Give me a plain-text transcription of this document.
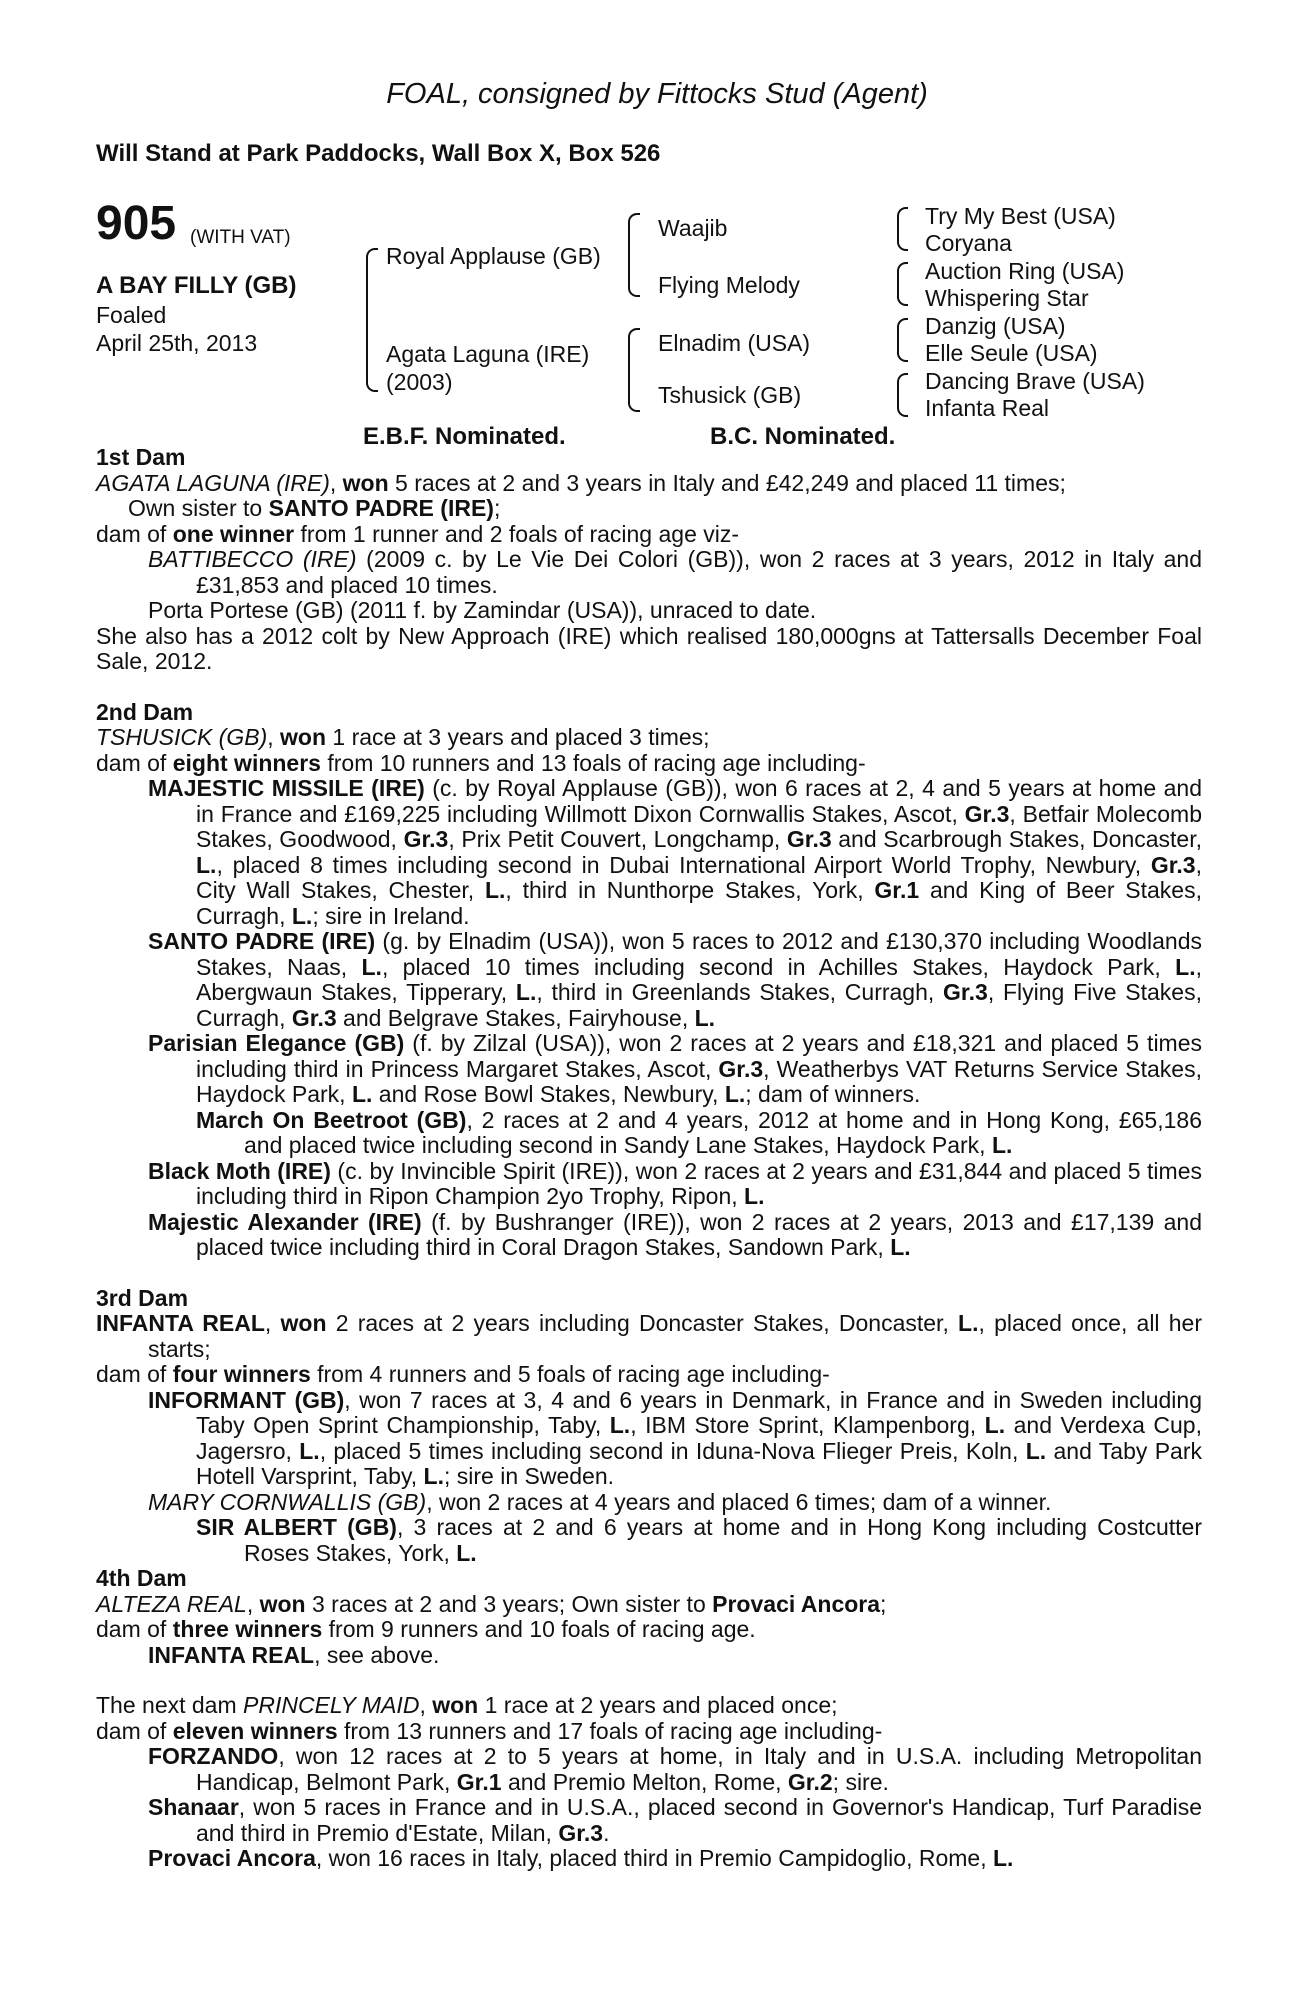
FOAL, consigned by Fittocks Stud (Agent)
Will Stand at Park Paddocks, Wall Box X, Box 526
905 (WITH VAT)
A BAY FILLY (GB)
Foaled
April 25th, 2013
Royal Applause (GB)
Agata Laguna (IRE)
(2003)
Waajib
Flying Melody
Elnadim (USA)
Tshusick (GB)
Try My Best (USA)
Coryana
Auction Ring (USA)
Whispering Star
Danzig (USA)
Elle Seule (USA)
Dancing Brave (USA)
Infanta Real
E.B.F. Nominated.	B.C. Nominated.

1st Dam

AGATA LAGUNA (IRE), won 5 races at 2 and 3 years in Italy and £42,249 and placed 11 times;

Own sister to SANTO PADRE (IRE);

dam of one winner from 1 runner and 2 foals of racing age viz-

BATTIBECCO (IRE) (2009 c. by Le Vie Dei Colori (GB)), won 2 races at 3 years, 2012 in Italy and £31,853 and placed 10 times.

Porta Portese (GB) (2011 f. by Zamindar (USA)), unraced to date.

She also has a 2012 colt by New Approach (IRE) which realised 180,000gns at Tattersalls December Foal Sale, 2012.

2nd Dam

TSHUSICK (GB), won 1 race at 3 years and placed 3 times;

dam of eight winners from 10 runners and 13 foals of racing age including-

MAJESTIC MISSILE (IRE) (c. by Royal Applause (GB)), won 6 races at 2, 4 and 5 years at home and in France and £169,225 including Willmott Dixon Cornwallis Stakes, Ascot, Gr.3, Betfair Molecomb Stakes, Goodwood, Gr.3, Prix Petit Couvert, Longchamp, Gr.3 and Scarbrough Stakes, Doncaster, L., placed 8 times including second in Dubai International Airport World Trophy, Newbury, Gr.3, City Wall Stakes, Chester, L., third in Nunthorpe Stakes, York, Gr.1 and King of Beer Stakes, Curragh, L.; sire in Ireland.

SANTO PADRE (IRE) (g. by Elnadim (USA)), won 5 races to 2012 and £130,370 including Woodlands Stakes, Naas, L., placed 10 times including second in Achilles Stakes, Haydock Park, L., Abergwaun Stakes, Tipperary, L., third in Greenlands Stakes, Curragh, Gr.3, Flying Five Stakes, Curragh, Gr.3 and Belgrave Stakes, Fairyhouse, L.

Parisian Elegance (GB) (f. by Zilzal (USA)), won 2 races at 2 years and £18,321 and placed 5 times including third in Princess Margaret Stakes, Ascot, Gr.3, Weatherbys VAT Returns Service Stakes, Haydock Park, L. and Rose Bowl Stakes, Newbury, L.; dam of winners.

March On Beetroot (GB), 2 races at 2 and 4 years, 2012 at home and in Hong Kong, £65,186 and placed twice including second in Sandy Lane Stakes, Haydock Park, L.

Black Moth (IRE) (c. by Invincible Spirit (IRE)), won 2 races at 2 years and £31,844 and placed 5 times including third in Ripon Champion 2yo Trophy, Ripon, L.

Majestic Alexander (IRE) (f. by Bushranger (IRE)), won 2 races at 2 years, 2013 and £17,139 and placed twice including third in Coral Dragon Stakes, Sandown Park, L.

3rd Dam

INFANTA REAL, won 2 races at 2 years including Doncaster Stakes, Doncaster, L., placed once, all her starts;

dam of four winners from 4 runners and 5 foals of racing age including-

INFORMANT (GB), won 7 races at 3, 4 and 6 years in Denmark, in France and in Sweden including Taby Open Sprint Championship, Taby, L., IBM Store Sprint, Klampenborg, L. and Verdexa Cup, Jagersro, L., placed 5 times including second in Iduna-Nova Flieger Preis, Koln, L. and Taby Park Hotell Varsprint, Taby, L.; sire in Sweden.

MARY CORNWALLIS (GB), won 2 races at 4 years and placed 6 times; dam of a winner.

SIR ALBERT (GB), 3 races at 2 and 6 years at home and in Hong Kong including Costcutter Roses Stakes, York, L.

4th Dam

ALTEZA REAL, won 3 races at 2 and 3 years; Own sister to Provaci Ancora;

dam of three winners from 9 runners and 10 foals of racing age.

INFANTA REAL, see above.

The next dam PRINCELY MAID, won 1 race at 2 years and placed once;

dam of eleven winners from 13 runners and 17 foals of racing age including-

FORZANDO, won 12 races at 2 to 5 years at home, in Italy and in U.S.A. including Metropolitan Handicap, Belmont Park, Gr.1 and Premio Melton, Rome, Gr.2; sire.

Shanaar, won 5 races in France and in U.S.A., placed second in Governor's Handicap, Turf Paradise and third in Premio d'Estate, Milan, Gr.3.

Provaci Ancora, won 16 races in Italy, placed third in Premio Campidoglio, Rome, L.
